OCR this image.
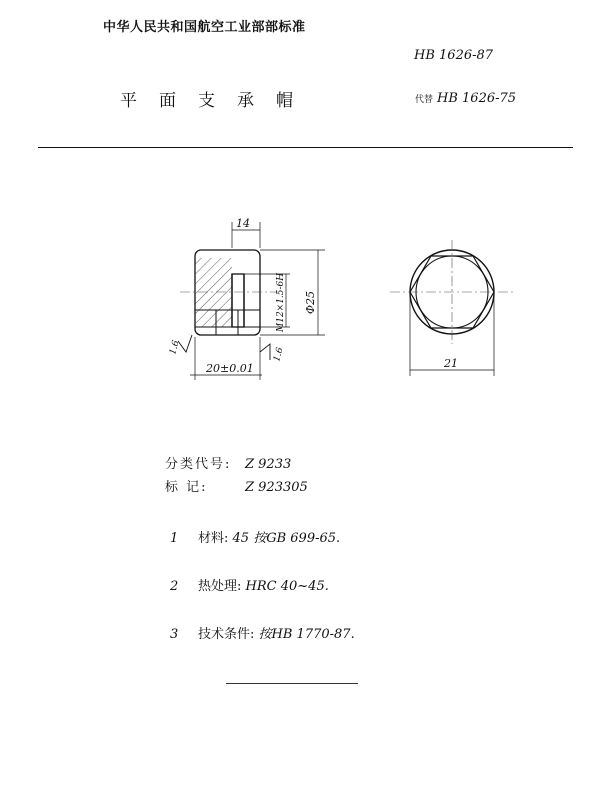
中华人民共和国航空工业部部标准
HB 1626-87
平面支承帽	代替 HB 1626-75
14
Φ25
M12×1.5-6H
20±0.01
1.6	1.6
21
分类代号: Z 9233
标 记:	Z 923305
1 材料: 45 按GB 699-65.
2 热处理: HRC 40~45.
3 技术条件: 按HB 1770-87.
